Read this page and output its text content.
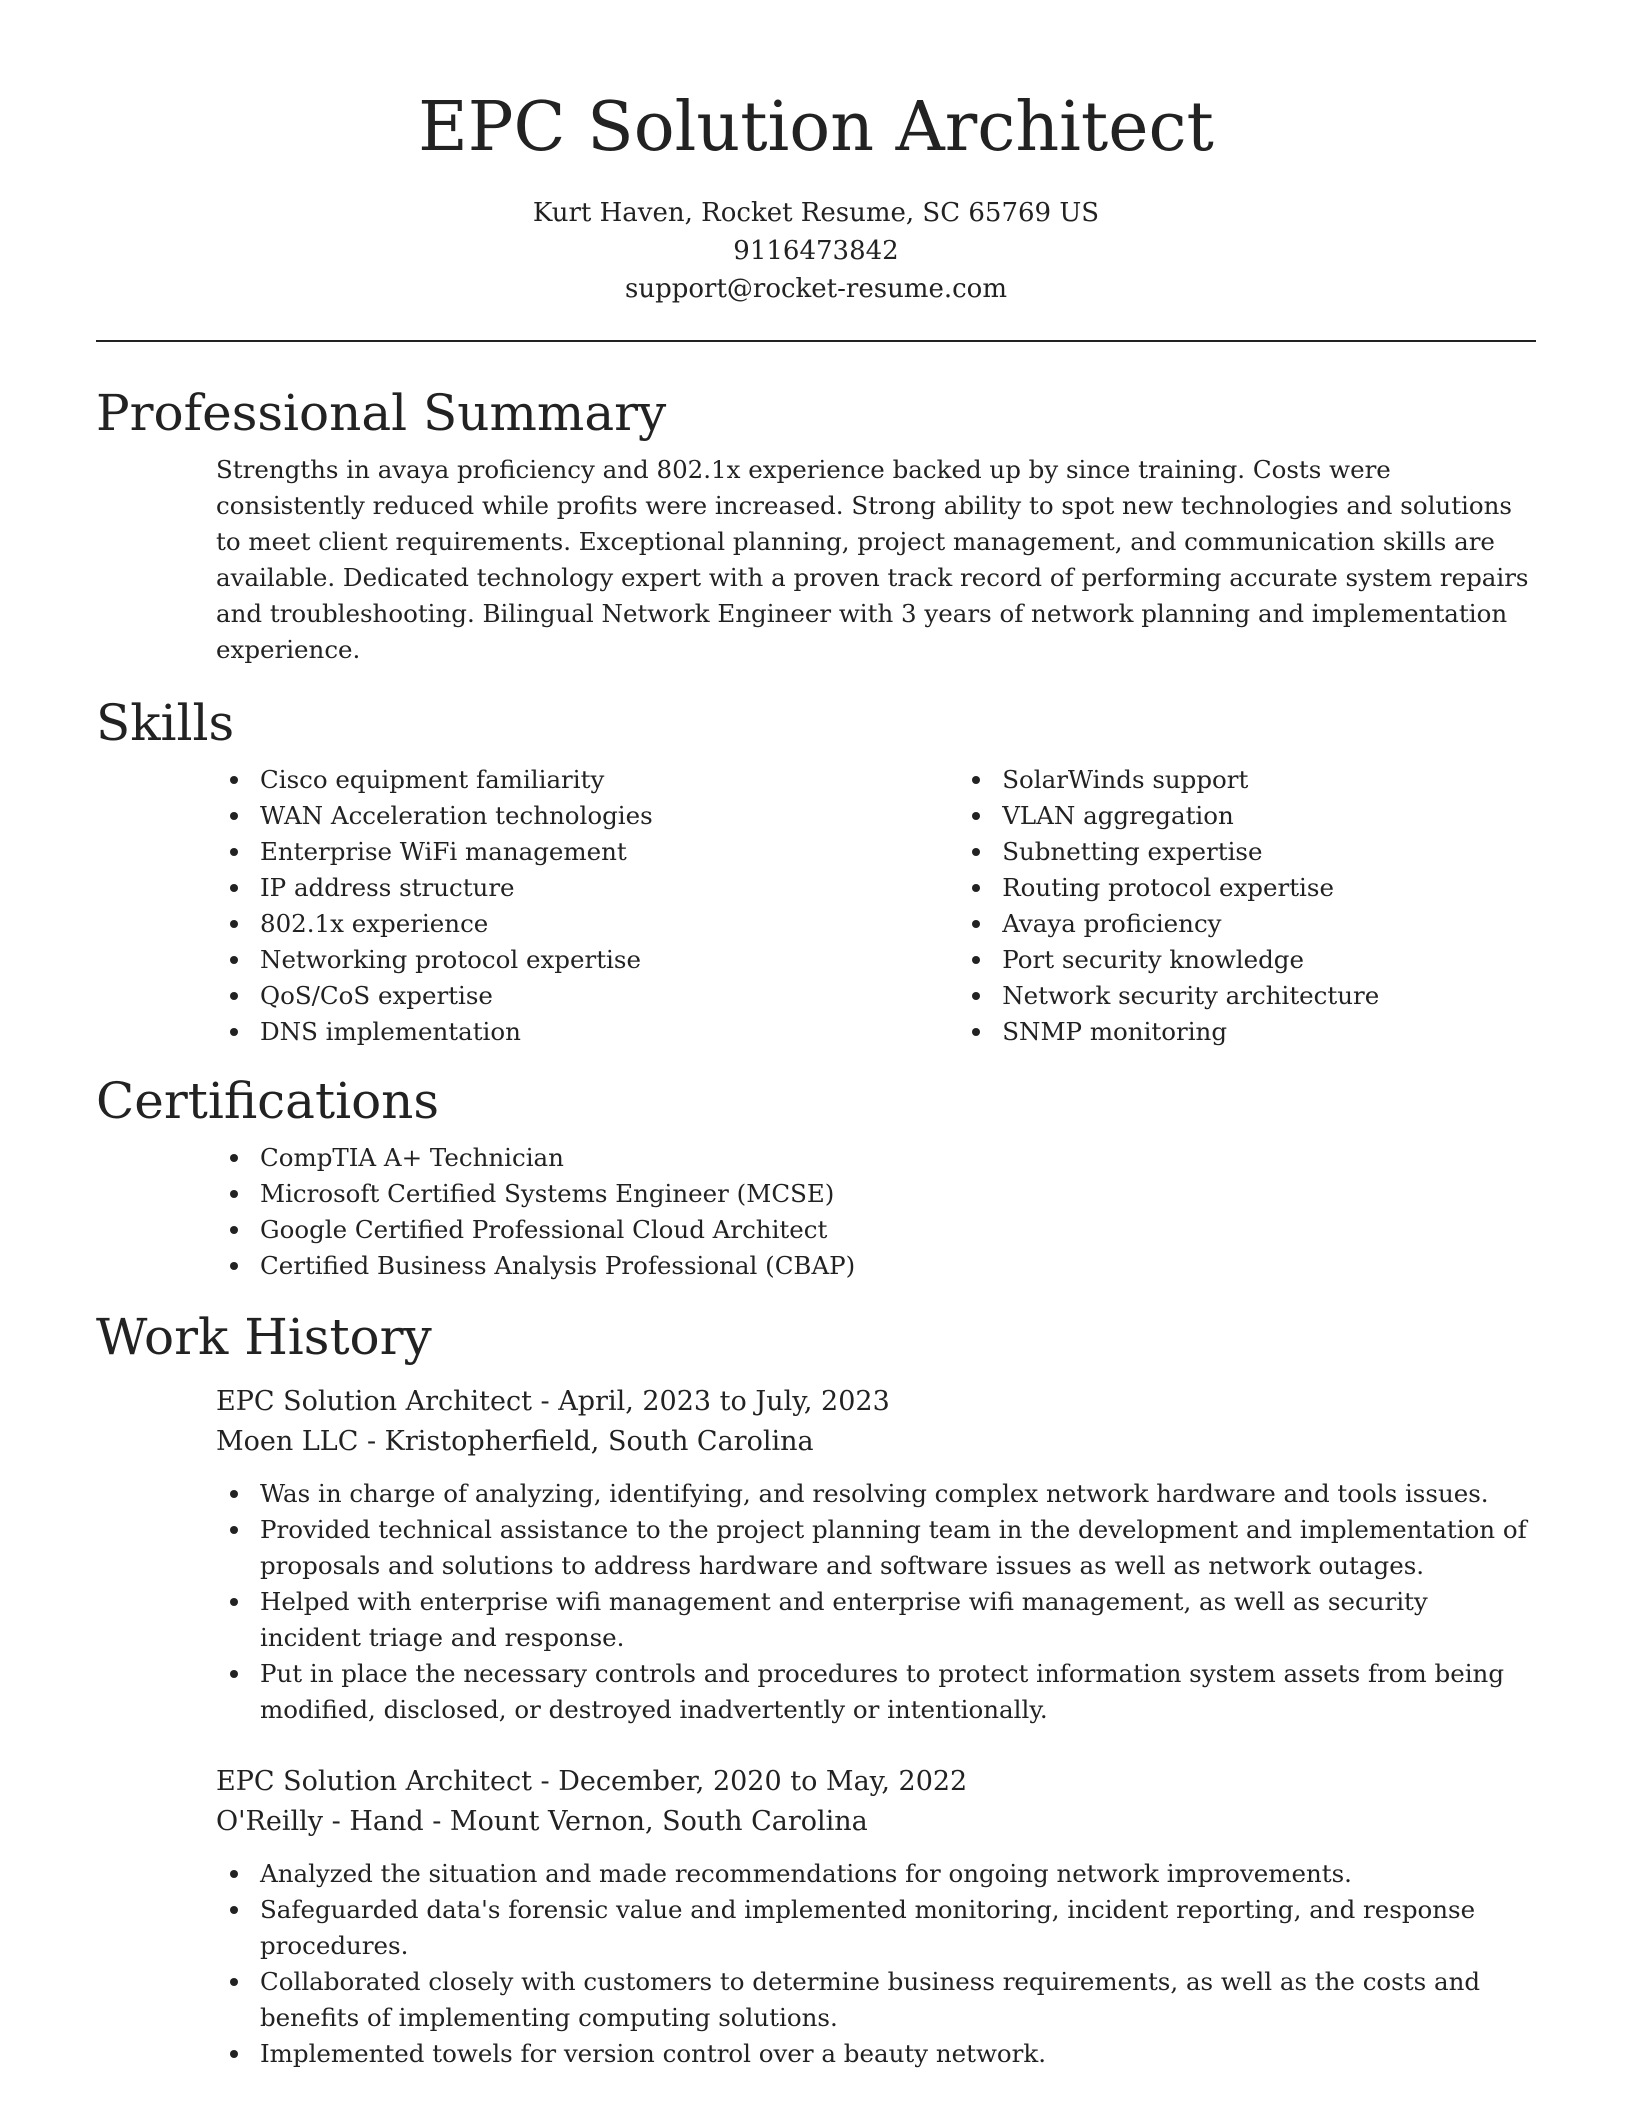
EPC Solution Architect
Kurt Haven, Rocket Resume, SC 65769 US
9116473842
support@rocket-resume.com
Professional Summary

Strengths in avaya proficiency and 802.1x experience backed up by since training. Costs were consistently reduced while profits were increased. Strong ability to spot new technologies and solutions to meet client requirements. Exceptional planning, project management, and communication skills are available. Dedicated technology expert with a proven track record of performing accurate system repairs and troubleshooting. Bilingual Network Engineer with 3 years of network planning and implementation experience.

Skills
Cisco equipment familiarity
WAN Acceleration technologies
Enterprise WiFi management
IP address structure
802.1x experience
Networking protocol expertise
QoS/CoS expertise
DNS implementation
SolarWinds support
VLAN aggregation
Subnetting expertise
Routing protocol expertise
Avaya proficiency
Port security knowledge
Network security architecture
SNMP monitoring
Certifications
CompTIA A+ Technician
Microsoft Certified Systems Engineer (MCSE)
Google Certified Professional Cloud Architect
Certified Business Analysis Professional (CBAP)
Work History
EPC Solution Architect - April, 2023 to July, 2023
Moen LLC - Kristopherfield, South Carolina
Was in charge of analyzing, identifying, and resolving complex network hardware and tools issues.
Provided technical assistance to the project planning team in the development and implementation of proposals and solutions to address hardware and software issues as well as network outages.
Helped with enterprise wifi management and enterprise wifi management, as well as security incident triage and response.
Put in place the necessary controls and procedures to protect information system assets from being modified, disclosed, or destroyed inadvertently or intentionally.
EPC Solution Architect - December, 2020 to May, 2022
O'Reilly - Hand - Mount Vernon, South Carolina
Analyzed the situation and made recommendations for ongoing network improvements.
Safeguarded data's forensic value and implemented monitoring, incident reporting, and response procedures.
Collaborated closely with customers to determine business requirements, as well as the costs and benefits of implementing computing solutions.
Implemented towels for version control over a beauty network.
